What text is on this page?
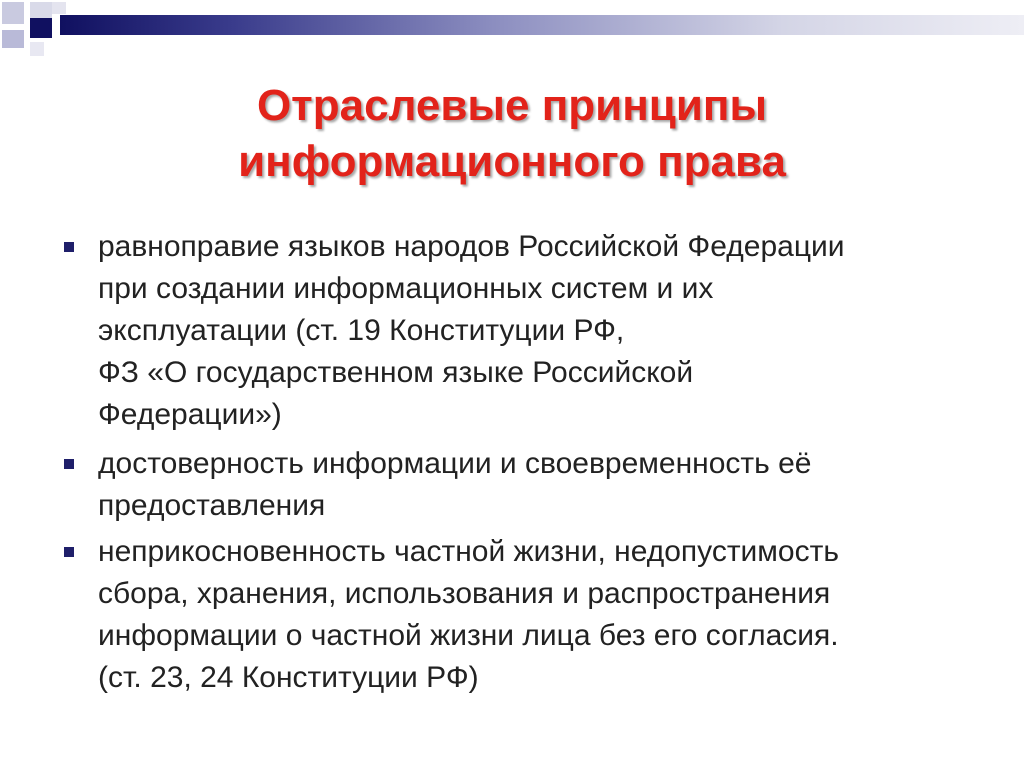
Отраслевые принципы
информационного права
равноправие языков народов Российской Федерации
при создании информационных систем и их
эксплуатации (ст. 19 Конституции РФ,
ФЗ «О государственном языке Российской
Федерации»)
достоверность информации и своевременность её
предоставления
неприкосновенность частной жизни, недопустимость
сбора, хранения, использования и распространения
информации о частной жизни лица без его согласия.
(ст. 23, 24 Конституции РФ)
